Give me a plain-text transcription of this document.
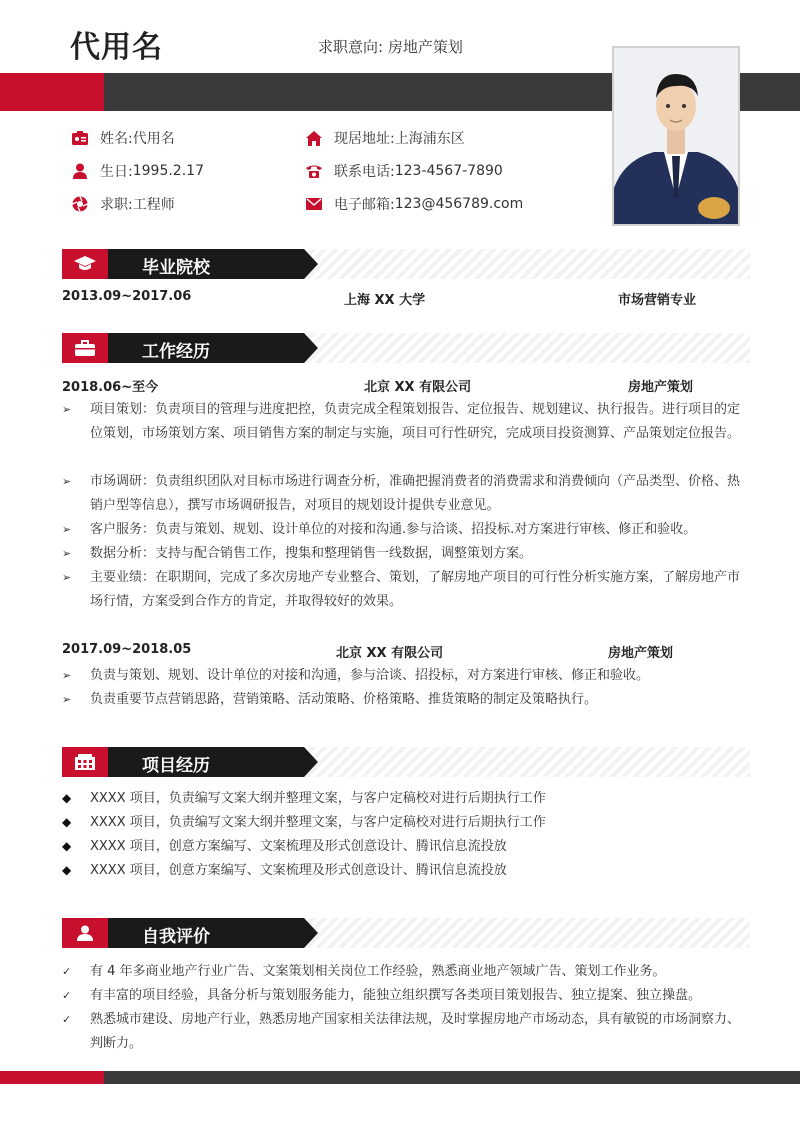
代用名	求职意向: 房地产策划
姓名: 代用名
生日: 1995.2.17
求职: 工程师
现居地址: 上海浦东区
联系电话: 123-4567-7890
电子邮箱: 123@456789.com
毕业院校
2013.09~2017.06	上海 XX 大学	市场营销专业
工作经历
2018.06~至今	北京 XX 有限公司	房地产策划
➢	项目策划：负责项目的管理与进度把控，负责完成全程策划报告、定位报告、规划建议、执行报告。进行项目的定位策划，市场策划方案、项目销售方案的制定与实施，项目可行性研究，完成项目投资测算、产品策划定位报告。
➢	市场调研：负责组织团队对目标市场进行调查分析，准确把握消费者的消费需求和消费倾向（产品类型、价格、热销户型等信息），撰写市场调研报告，对项目的规划设计提供专业意见。
➢	客户服务：负责与策划、规划、设计单位的对接和沟通.参与洽谈、招投标.对方案进行审核、修正和验收。
➢	数据分析：支持与配合销售工作，搜集和整理销售一线数据，调整策划方案。
➢	主要业绩：在职期间，完成了多次房地产专业整合、策划，了解房地产项目的可行性分析实施方案，了解房地产市场行情，方案受到合作方的肯定，并取得较好的效果。
2017.09~2018.05	北京 XX 有限公司	房地产策划
➢	负责与策划、规划、设计单位的对接和沟通，参与洽谈、招投标，对方案进行审核、修正和验收。
➢	负责重要节点营销思路，营销策略、活动策略、价格策略、推货策略的制定及策略执行。
项目经历
◆ XXXX 项目，负责编写文案大纲并整理文案，与客户定稿校对进行后期执行工作
◆ XXXX 项目，负责编写文案大纲并整理文案，与客户定稿校对进行后期执行工作
◆ XXXX 项目，创意方案编写、文案梳理及形式创意设计、腾讯信息流投放
◆ XXXX 项目，创意方案编写、文案梳理及形式创意设计、腾讯信息流投放
自我评价
✓	有 4 年多商业地产行业广告、文案策划相关岗位工作经验，熟悉商业地产领域广告、策划工作业务。
✓	有丰富的项目经验，具备分析与策划服务能力，能独立组织撰写各类项目策划报告、独立提案、独立操盘。
✓	熟悉城市建设、房地产行业，熟悉房地产国家相关法律法规，及时掌握房地产市场动态，具有敏锐的市场洞察力、判断力。
